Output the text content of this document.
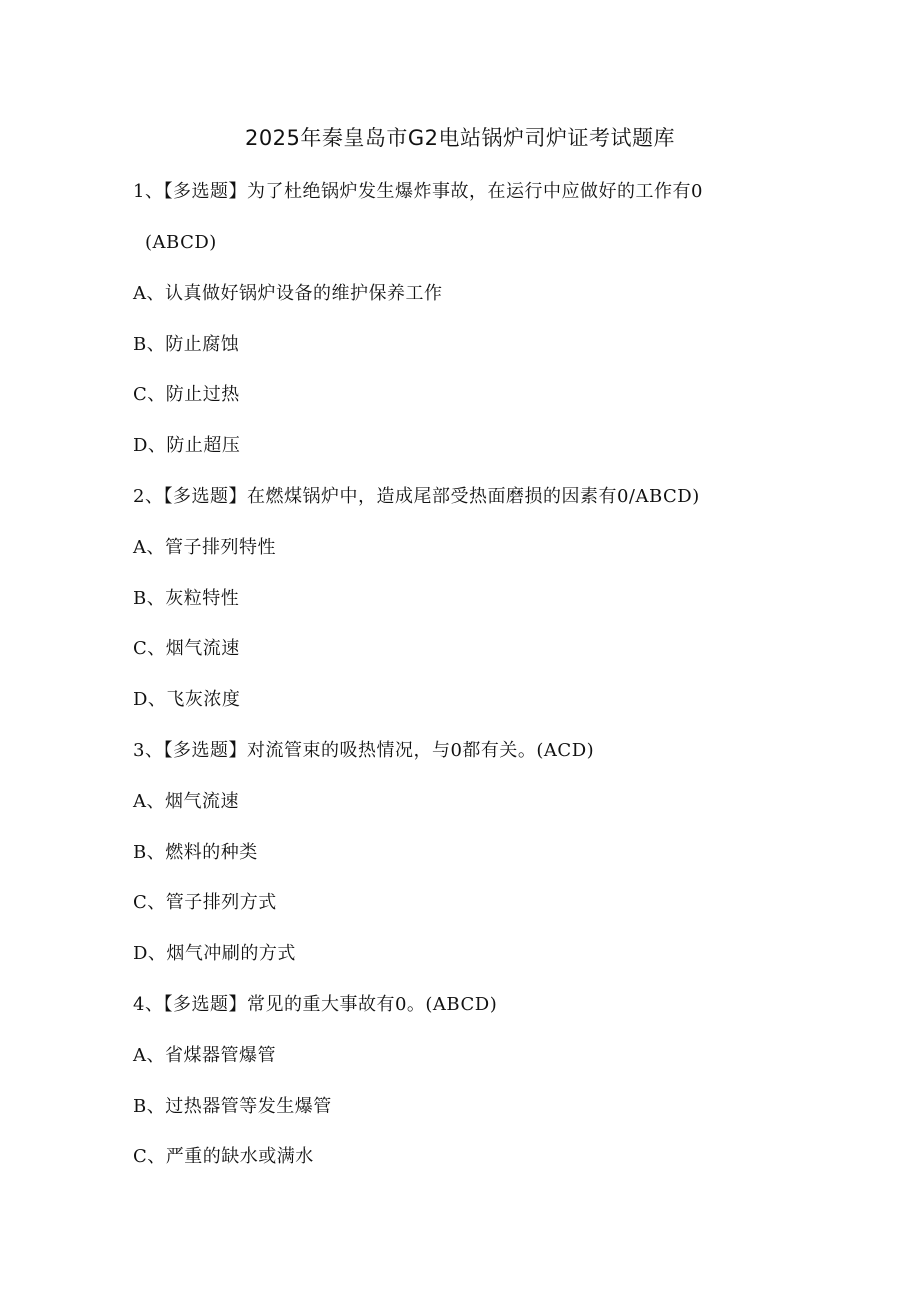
2025年秦皇岛市G2电站锅炉司炉证考试题库
1、【多选题】为了杜绝锅炉发生爆炸事故，在运行中应做好的工作有0
(ABCD)
A、认真做好锅炉设备的维护保养工作
B、防止腐蚀
C、防止过热
D、防止超压
2、【多选题】在燃煤锅炉中，造成尾部受热面磨损的因素有0/ABCD)
A、管子排列特性
B、灰粒特性
C、烟气流速
D、飞灰浓度
3、【多选题】对流管束的吸热情况，与0都有关。(ACD)
A、烟气流速
B、燃料的种类
C、管子排列方式
D、烟气冲刷的方式
4、【多选题】常见的重大事故有0。(ABCD)
A、省煤器管爆管
B、过热器管等发生爆管
C、严重的缺水或满水
